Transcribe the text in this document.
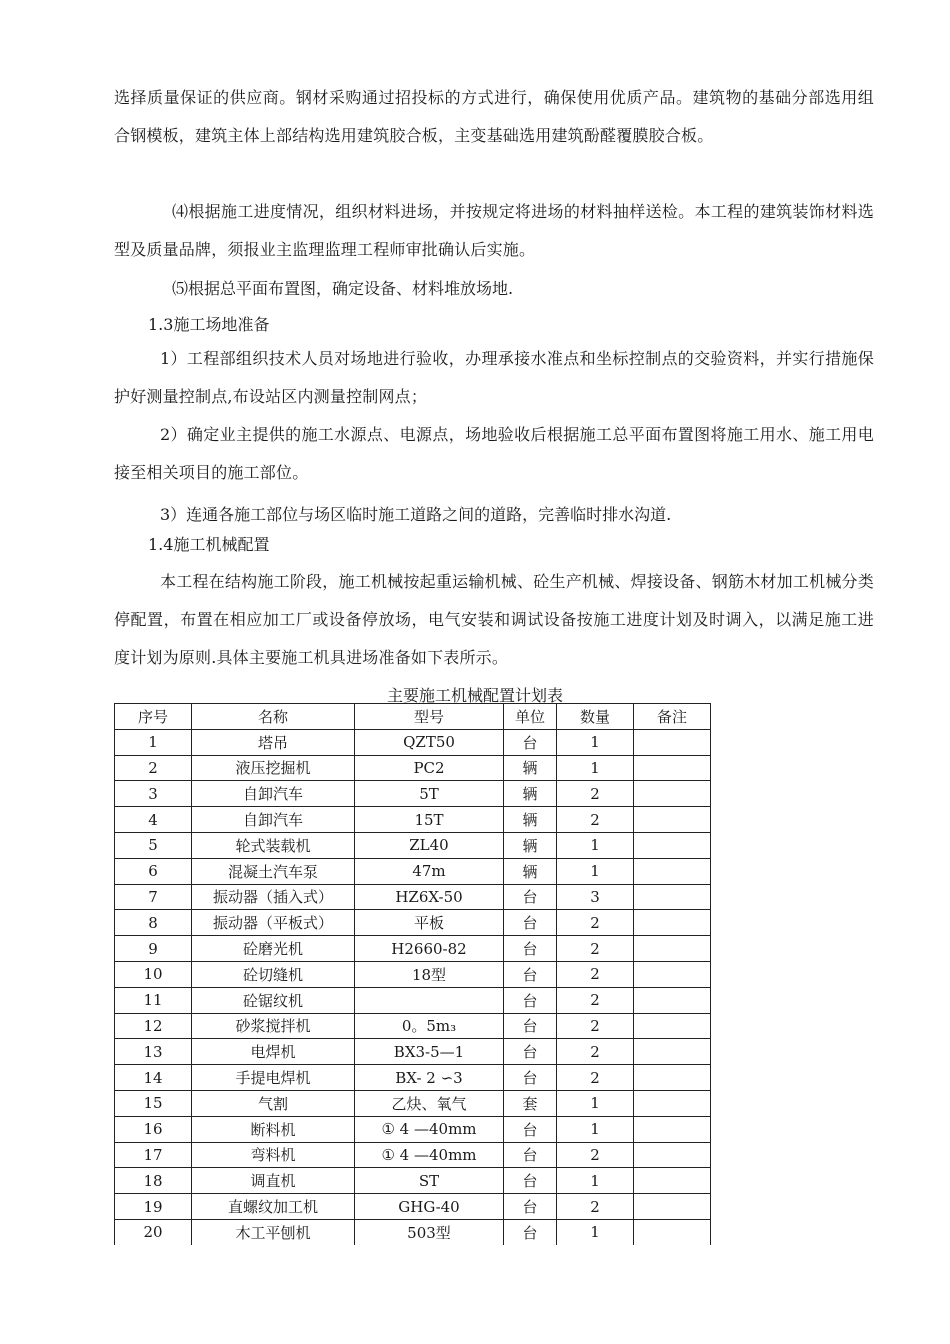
选择质量保证的供应商。钢材采购通过招投标的方式进行，确保使用优质产品。建筑物的基础分部选用组合钢模板，建筑主体上部结构选用建筑胶合板，主变基础选用建筑酚醛覆膜胶合板。
⑷根据施工进度情况，组织材料进场，并按规定将进场的材料抽样送检。本工程的建筑装饰材料选型及质量品牌，须报业主监理监理工程师审批确认后实施。
⑸根据总平面布置图，确定设备、材料堆放场地.
1.3施工场地准备
1）工程部组织技术人员对场地进行验收，办理承接水准点和坐标控制点的交验资料，并实行措施保护好测量控制点,布设站区内测量控制网点；
2）确定业主提供的施工水源点、电源点，场地验收后根据施工总平面布置图将施工用水、施工用电接至相关项目的施工部位。
3）连通各施工部位与场区临时施工道路之间的道路，完善临时排水沟道.
1.4施工机械配置
本工程在结构施工阶段，施工机械按起重运输机械、砼生产机械、焊接设备、钢筋木材加工机械分类停配置，布置在相应加工厂或设备停放场，电气安装和调试设备按施工进度计划及时调入，以满足施工进度计划为原则.具体主要施工机具进场准备如下表所示。
主要施工机械配置计划表
序号	名称	型号	单位	数量	备注
1	塔吊	QZT50	台	1	
2	液压挖掘机	PC2	辆	1	
3	自卸汽车	5T	辆	2	
4	自卸汽车	15T	辆	2	
5	轮式装载机	ZL40	辆	1	
6	混凝土汽车泵	47m	辆	1	
7	振动器（插入式）	HZ6X-50	台	3	
8	振动器（平板式）	平板	台	2	
9	砼磨光机	H2660-82	台	2	
10	砼切缝机	18型	台	2	
11	砼锯纹机		台	2	
12	砂浆搅拌机	0。5m₃	台	2	
13	电焊机	BX3-5—1	台	2	
14	手提电焊机	BX- 2 ∽3	台	2	
15	气割	乙炔、氧气	套	1	
16	断料机	① 4 —40mm	台	1	
17	弯料机	① 4 —40mm	台	2	
18	调直机	ST	台	1	
19	直螺纹加工机	GHG-40	台	2	
20	木工平刨机	503型	台	1	
